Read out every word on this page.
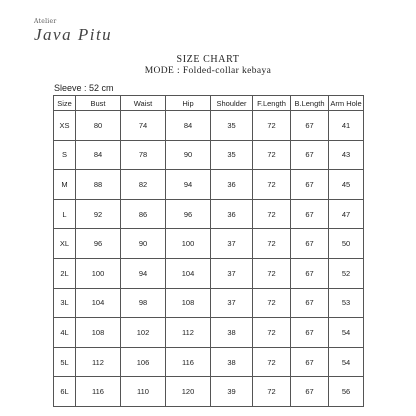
Atelier
Java Pitu
SIZE CHART
MODE : Folded-collar kebaya
Sleeve : 52 cm
Size	Bust	Waist	Hip	Shoulder	F.Length	B.Length	Arm Hole
XS	80	74	84	35	72	67	41
S	84	78	90	35	72	67	43
M	88	82	94	36	72	67	45
L	92	86	96	36	72	67	47
XL	96	90	100	37	72	67	50
2L	100	94	104	37	72	67	52
3L	104	98	108	37	72	67	53
4L	108	102	112	38	72	67	54
5L	112	106	116	38	72	67	54
6L	116	110	120	39	72	67	56
